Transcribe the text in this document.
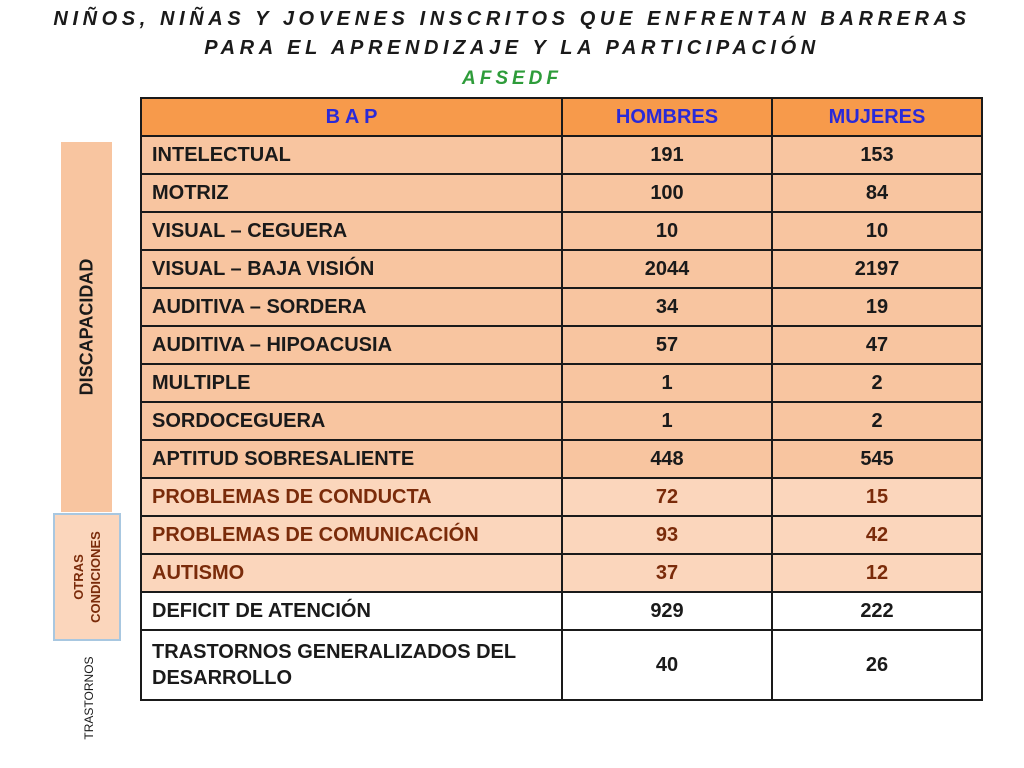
NIÑOS, NIÑAS Y JOVENES INSCRITOS QUE ENFRENTAN BARRERAS
PARA EL APRENDIZAJE Y LA PARTICIPACIÓN
AFSEDF
DISCAPACIDAD
OTRAS CONDICIONES
TRASTORNOS
B A P	HOMBRES	MUJERES
INTELECTUAL	191	153
MOTRIZ	100	84
VISUAL – CEGUERA	10	10
VISUAL – BAJA VISIÓN	2044	2197
AUDITIVA – SORDERA	34	19
AUDITIVA – HIPOACUSIA	57	47
MULTIPLE	1	2
SORDOCEGUERA	1	2
APTITUD SOBRESALIENTE	448	545
PROBLEMAS DE CONDUCTA	72	15
PROBLEMAS DE COMUNICACIÓN	93	42
AUTISMO	37	12
DEFICIT DE ATENCIÓN	929	222
TRASTORNOS GENERALIZADOS DEL DESARROLLO	40	26
